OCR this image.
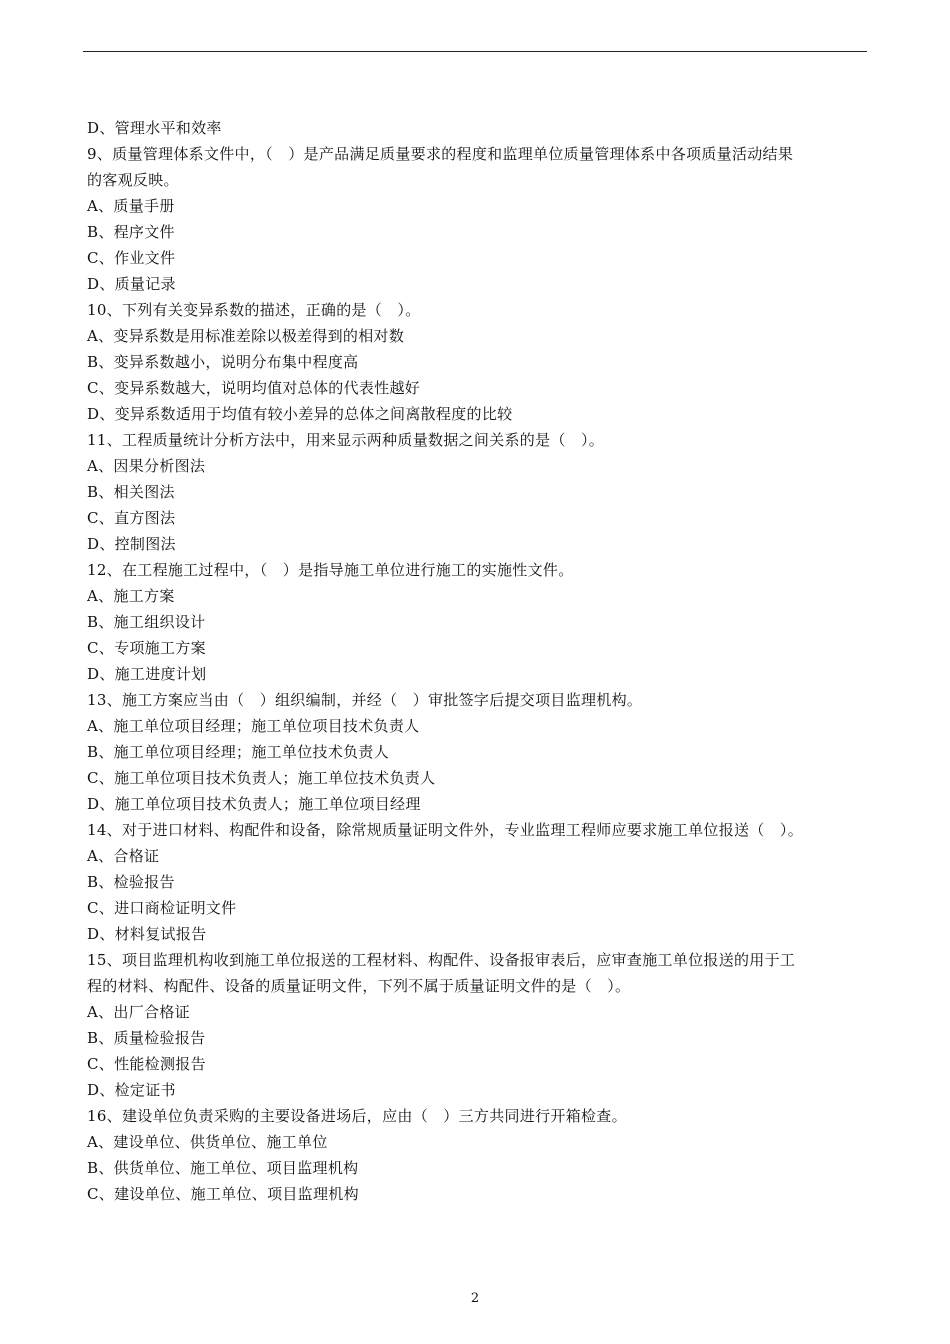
D、管理水平和效率
9、质量管理体系文件中，（　）是产品满足质量要求的程度和监理单位质量管理体系中各项质量活动结果
的客观反映。
A、质量手册
B、程序文件
C、作业文件
D、质量记录
10、下列有关变异系数的描述，正确的是（　）。
A、变异系数是用标准差除以极差得到的相对数
B、变异系数越小，说明分布集中程度高
C、变异系数越大，说明均值对总体的代表性越好
D、变异系数适用于均值有较小差异的总体之间离散程度的比较
11、工程质量统计分析方法中，用来显示两种质量数据之间关系的是（　）。
A、因果分析图法
B、相关图法
C、直方图法
D、控制图法
12、在工程施工过程中，（　）是指导施工单位进行施工的实施性文件。
A、施工方案
B、施工组织设计
C、专项施工方案
D、施工进度计划
13、施工方案应当由（　）组织编制，并经（　）审批签字后提交项目监理机构。
A、施工单位项目经理；施工单位项目技术负责人
B、施工单位项目经理；施工单位技术负责人
C、施工单位项目技术负责人；施工单位技术负责人
D、施工单位项目技术负责人；施工单位项目经理
14、对于进口材料、构配件和设备，除常规质量证明文件外，专业监理工程师应要求施工单位报送（　）。
A、合格证
B、检验报告
C、进口商检证明文件
D、材料复试报告
15、项目监理机构收到施工单位报送的工程材料、构配件、设备报审表后，应审查施工单位报送的用于工
程的材料、构配件、设备的质量证明文件，下列不属于质量证明文件的是（　）。
A、出厂合格证
B、质量检验报告
C、性能检测报告
D、检定证书
16、建设单位负责采购的主要设备进场后，应由（　）三方共同进行开箱检查。
A、建设单位、供货单位、施工单位
B、供货单位、施工单位、项目监理机构
C、建设单位、施工单位、项目监理机构
2
